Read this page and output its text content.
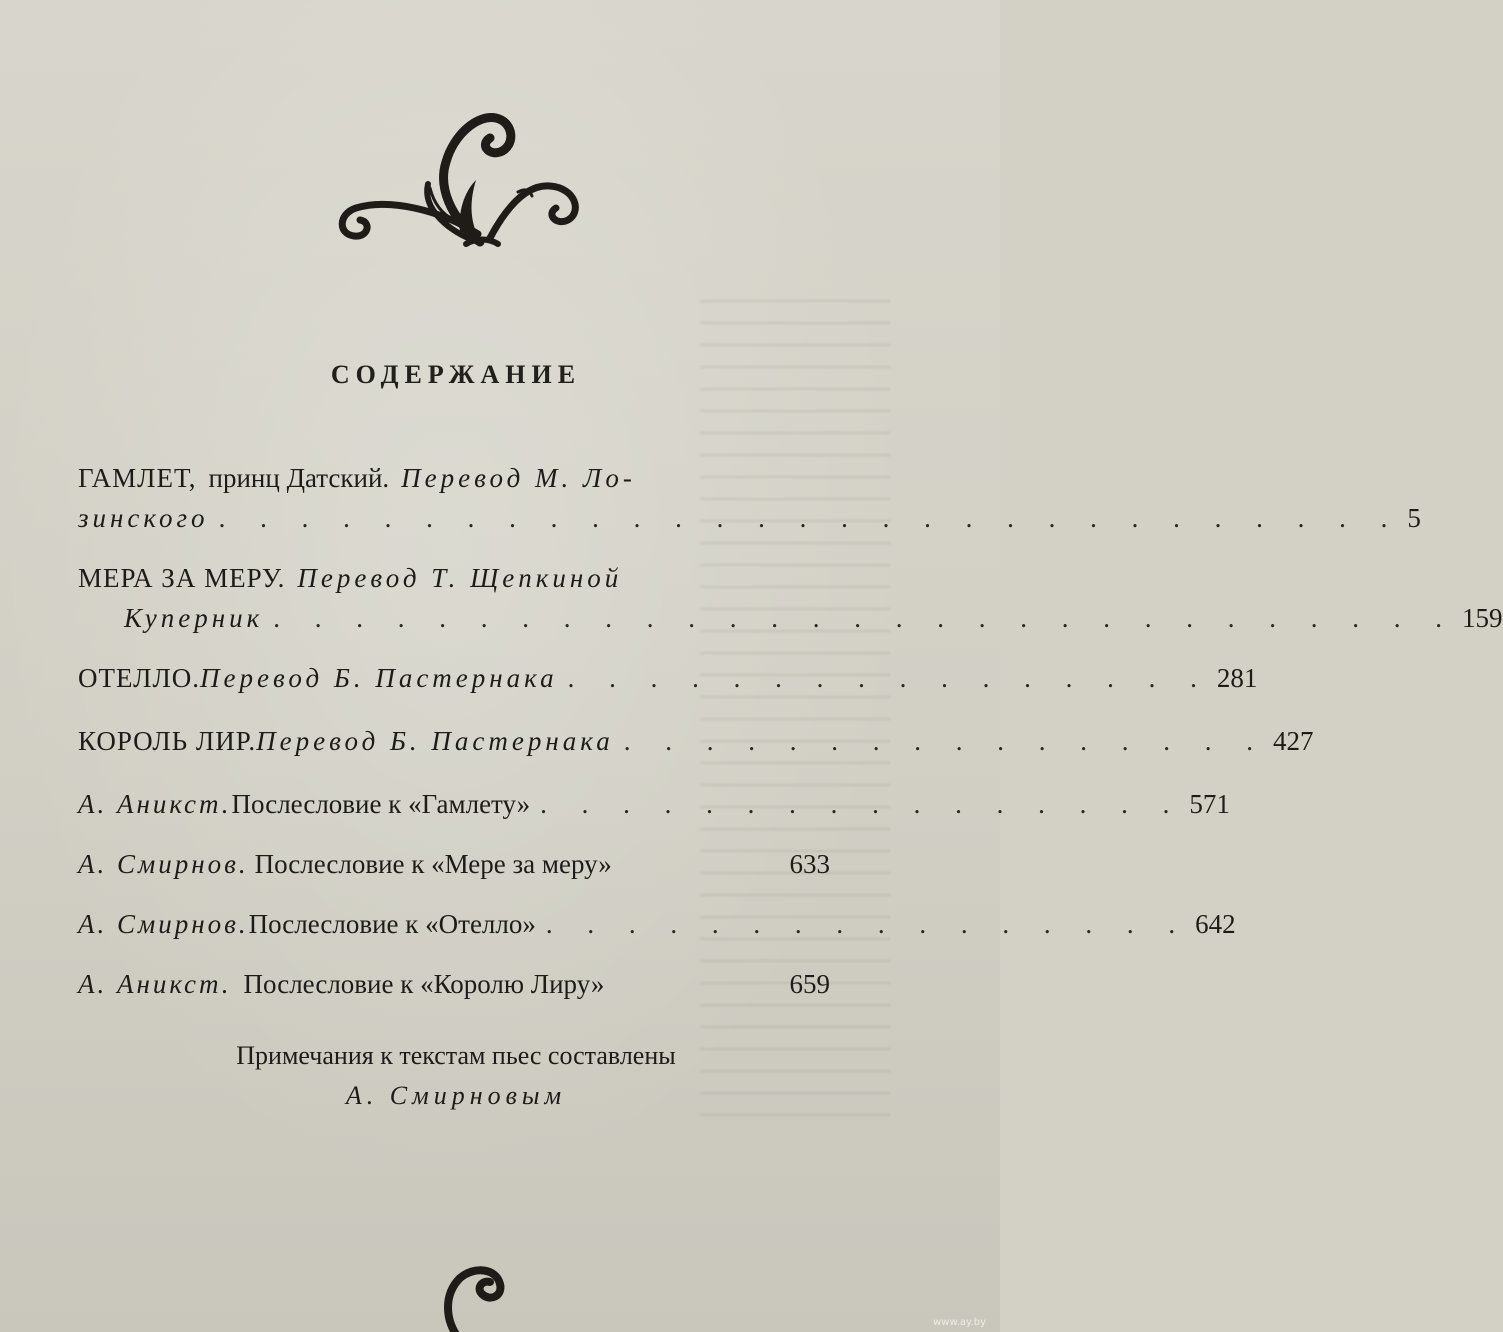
СОДЕРЖАНИЕ
ГАМЛЕТ, принц Датский. Перевод М. Ло-
зинского . . . . . . . . . . . . . . . . . . . . . . . . . . . . . 5
МЕРА ЗА МЕРУ. Перевод Т. Щепкиной
Куперник . . . . . . . . . . . . . . . . . . . . . . . . . . . . . 159
ОТЕЛЛО. Перевод Б. Пастернака . . . . . . . . . . . . . . . . 281
КОРОЛЬ ЛИР. Перевод Б. Пастернака . . . . . . . . . . . . . . . . 427
А. Аникст. Послесловие к «Гамлету» . . . . . . . . . . . . . . . . 571
А. Смирнов. Послесловие к «Мере за меру»	633
А. Смирнов. Послесловие к «Отелло» . . . . . . . . . . . . . . . . 642
А. Аникст. Послесловие к «Королю Лиру»	659
Примечания к текстам пьес составлены
А. Смирновым
www.ay.by
